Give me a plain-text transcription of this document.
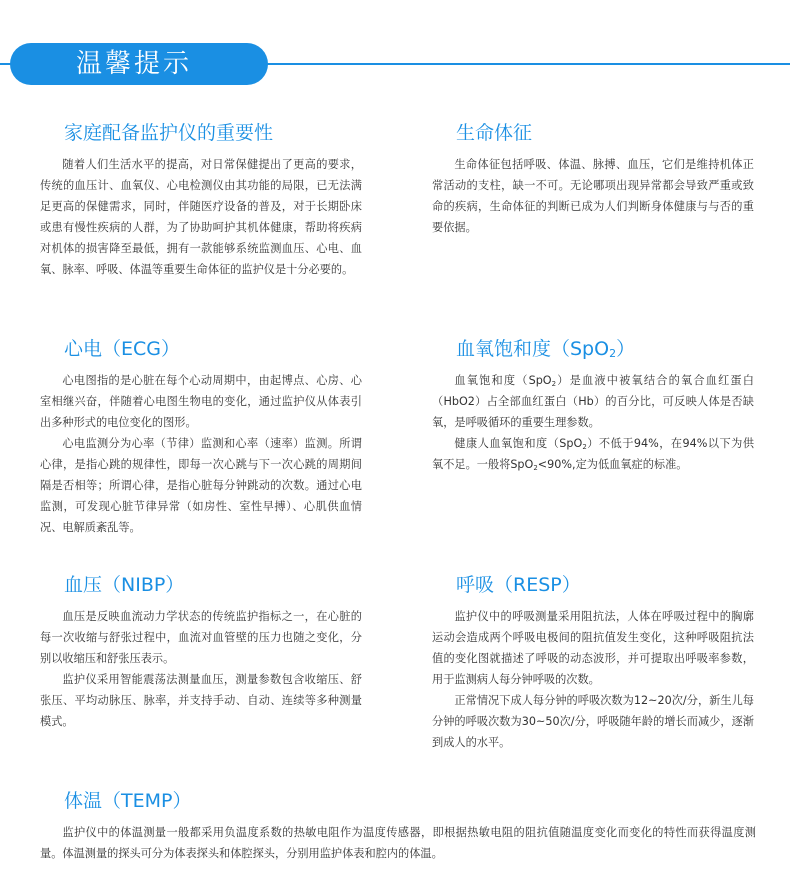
温馨提示
家庭配备监护仪的重要性

随着人们生活水平的提高，对日常保健提出了更高的要求，传统的血压计、血氧仪、心电检测仪由其功能的局限，已无法满足更高的保健需求，同时，伴随医疗设备的普及，对于长期卧床或患有慢性疾病的人群，为了协助呵护其机体健康，帮助将疾病对机体的损害降至最低，拥有一款能够系统监测血压、心电、血氧、脉率、呼吸、体温等重要生命体征的监护仪是十分必要的。

生命体征

生命体征包括呼吸、体温、脉搏、血压，它们是维持机体正常活动的支柱，缺一不可。无论哪项出现异常都会导致严重或致命的疾病，生命体征的判断已成为人们判断身体健康与与否的重要依据。

心电（ECG）

心电图指的是心脏在每个心动周期中，由起博点、心房、心室相继兴奋，伴随着心电图生物电的变化，通过监护仪从体表引出多种形式的电位变化的图形。

心电监测分为心率（节律）监测和心率（速率）监测。所谓心律，是指心跳的规律性，即每一次心跳与下一次心跳的周期间隔是否相等；所谓心律，是指心脏每分钟跳动的次数。通过心电监测，可发现心脏节律异常（如房性、室性早搏）、心肌供血情况、电解质紊乱等。

血氧饱和度（SpO$_2$）

血氧饱和度（SpO$_2$）是血液中被氧结合的氧合血红蛋白（HbO2）占全部血红蛋白（Hb）的百分比，可反映人体是否缺氧，是呼吸循环的重要生理参数。

健康人血氧饱和度（SpO$_2$）不低于94%，在94%以下为供氧不足。一般将SpO$_2$<90%,定为低血氧症的标准。

血压（NIBP）

血压是反映血流动力学状态的传统监护指标之一，在心脏的每一次收缩与舒张过程中，血流对血管壁的压力也随之变化，分别以收缩压和舒张压表示。

监护仪采用智能震荡法测量血压，测量参数包含收缩压、舒张压、平均动脉压、脉率，并支持手动、自动、连续等多种测量模式。

呼吸（RESP）

监护仪中的呼吸测量采用阻抗法，人体在呼吸过程中的胸廓运动会造成两个呼吸电极间的阻抗值发生变化，这种呼吸阻抗法值的变化图就描述了呼吸的动态波形，并可提取出呼吸率参数，用于监测病人每分钟呼吸的次数。

正常情况下成人每分钟的呼吸次数为12~20次/分，新生儿每分钟的呼吸次数为30~50次/分，呼吸随年龄的增长而减少，逐渐到成人的水平。

体温（TEMP）

监护仪中的体温测量一般都采用负温度系数的热敏电阻作为温度传感器，即根据热敏电阻的阻抗值随温度变化而变化的特性而获得温度测量。体温测量的探头可分为体表探头和体腔探头，分别用监护体表和腔内的体温。
